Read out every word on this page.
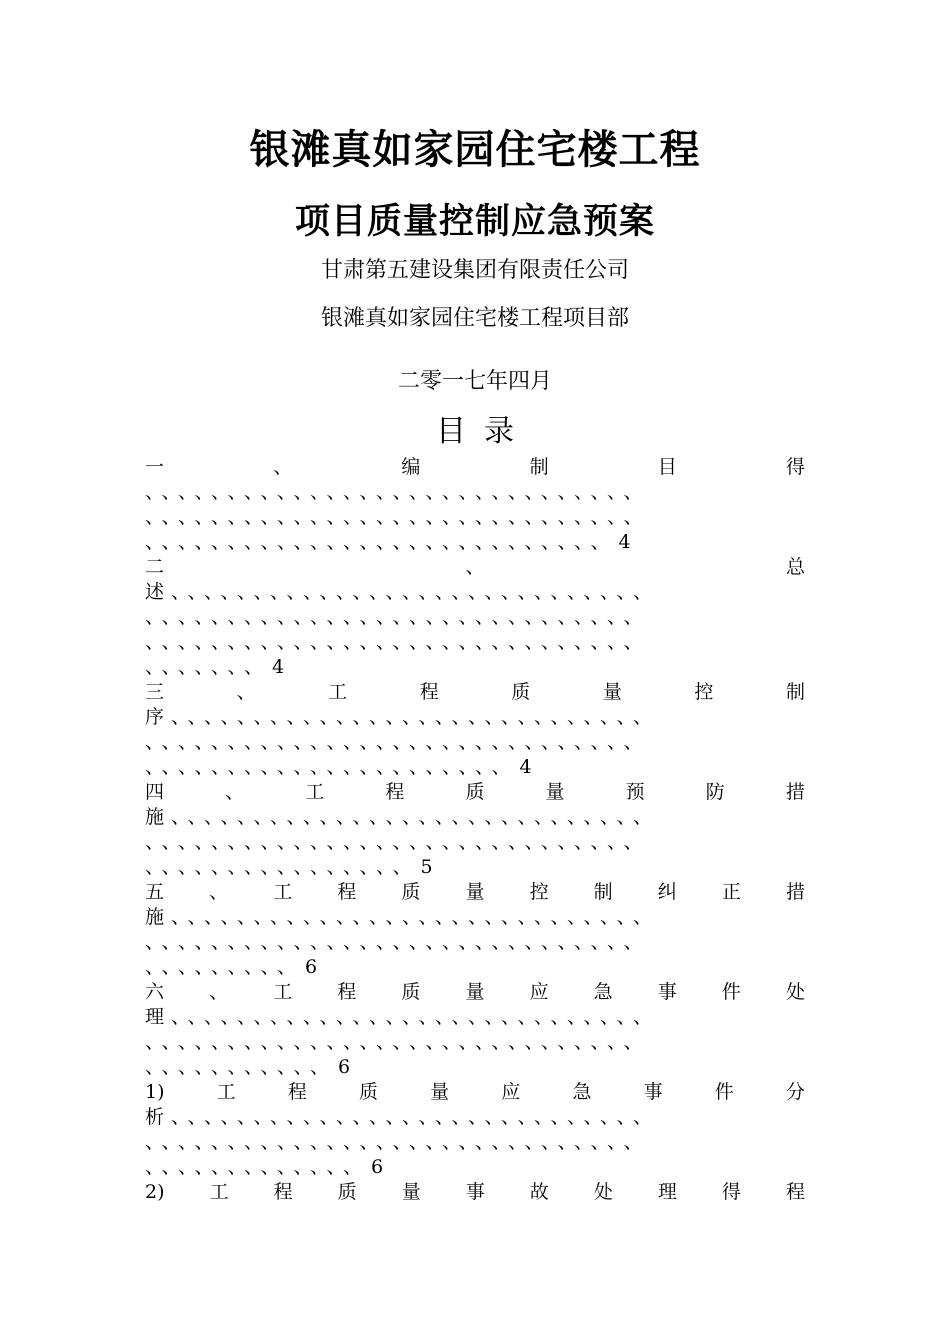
银滩真如家园住宅楼工程
项目质量控制应急预案
甘肃第五建设集团有限责任公司
银滩真如家园住宅楼工程项目部
二零一七年四月
目 录
一	、	编	制	目	得
、、、、、、、、、、、、、、、、、、、、、、、、、、、、、、
、、、、、、、、、、、、、、、、、、、、、、、、、、、、、、
、、、、、、、、、、、、、、、、、、、、、、、、、、、、 4
二	、	总
述、、、、、、、、、、、、、、、、、、、、、、、、、、、、、
、、、、、、、、、、、、、、、、、、、、、、、、、、、、、、
、、、、、、、、、、、、、、、、、、、、、、、、、、、、、、
、、、、、、、 4
三	、	工	程	质	量	控	制
序、、、、、、、、、、、、、、、、、、、、、、、、、、、、、
、、、、、、、、、、、、、、、、、、、、、、、、、、、、、、
、、、、、、、、、、、、、、、、、、、、、、 4
四	、	工	程	质	量	预	防	措
施、、、、、、、、、、、、、、、、、、、、、、、、、、、、、
、、、、、、、、、、、、、、、、、、、、、、、、、、、、、、
、、、、、、、、、、、、、、、、 5
五 、 工 程 质 量 控 制 纠 正 措
施、、、、、、、、、、、、、、、、、、、、、、、、、、、、、
、、、、、、、、、、、、、、、、、、、、、、、、、、、、、、
、、、、、、、、、 6
六 、 工 程 质 量 应 急 事 件 处
理、、、、、、、、、、、、、、、、、、、、、、、、、、、、、
、、、、、、、、、、、、、、、、、、、、、、、、、、、、、、
、、、、、、、、、、、 6
1)	工	程	质	量	应	急	事	件	分
析、、、、、、、、、、、、、、、、、、、、、、、、、、、、、
、、、、、、、、、、、、、、、、、、、、、、、、、、、、、、
、、、、、、、、、、、、、 6
2) 工 程 质 量 事 故 处 理 得 程
